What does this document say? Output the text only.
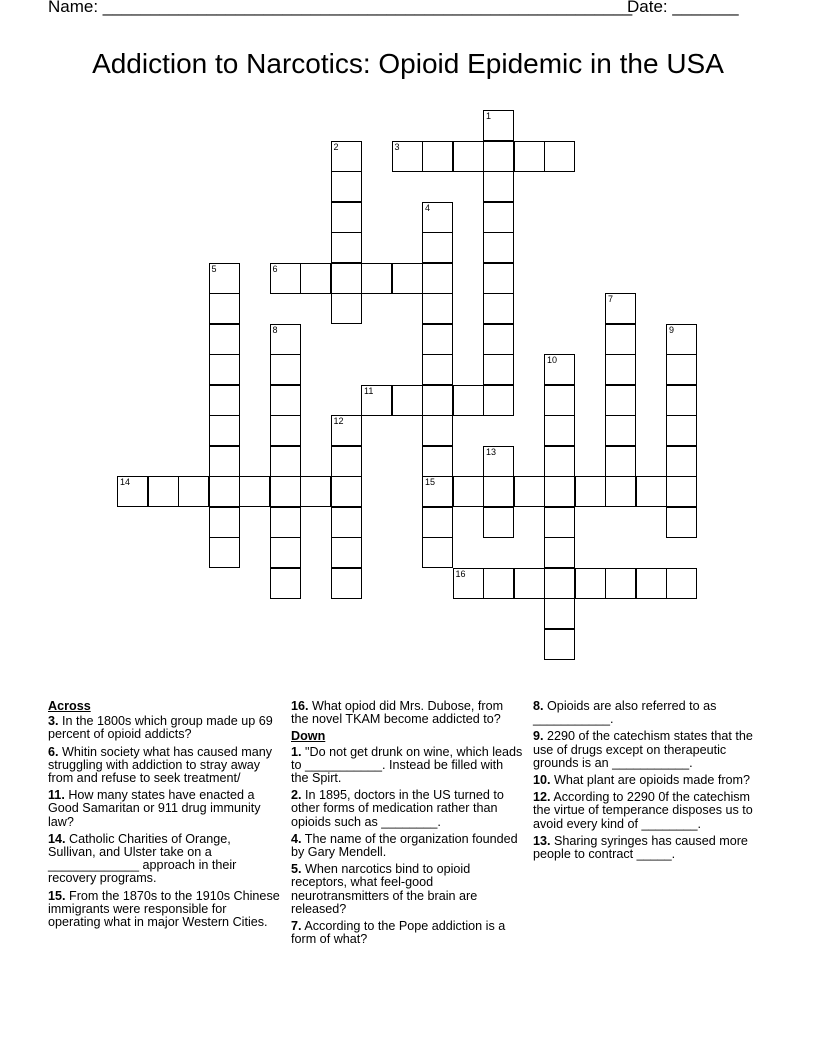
Name: ________________________________________________________
Date: _______
Addiction to Narcotics: Opioid Epidemic in the USA
1
2	3
4
15
5	6
7
8	9
10
11
12
13
14
16
Across
3. In the 1800s which group made up 69 percent of opioid addicts?
6. Whitin society what has caused many struggling with addiction to stray away from and refuse to seek treatment/
11. How many states have enacted a Good Samaritan or 911 drug immunity law?
14. Catholic Charities of Orange, Sullivan, and Ulster take on a _____________ approach in their recovery programs.
15. From the 1870s to the 1910s Chinese immigrants were responsible for operating what in major Western Cities.
16. What opiod did Mrs. Dubose, from the novel TKAM become addicted to?
Down
1. "Do not get drunk on wine, which leads to ___________. Instead be filled with the Spirt.
2. In 1895, doctors in the US turned to other forms of medication rather than opioids such as ________.
4. The name of the organization founded by Gary Mendell.
5. When narcotics bind to opioid receptors, what feel-good neurotransmitters of the brain are released?
7. According to the Pope addiction is a form of what?
8. Opioids are also referred to as ___________.
9. 2290 of the catechism states that the use of drugs except on therapeutic grounds is an ___________.
10. What plant are opioids made from?
12. According to 2290 0f the catechism the virtue of temperance disposes us to avoid every kind of ________.
13. Sharing syringes has caused more people to contract _____.
